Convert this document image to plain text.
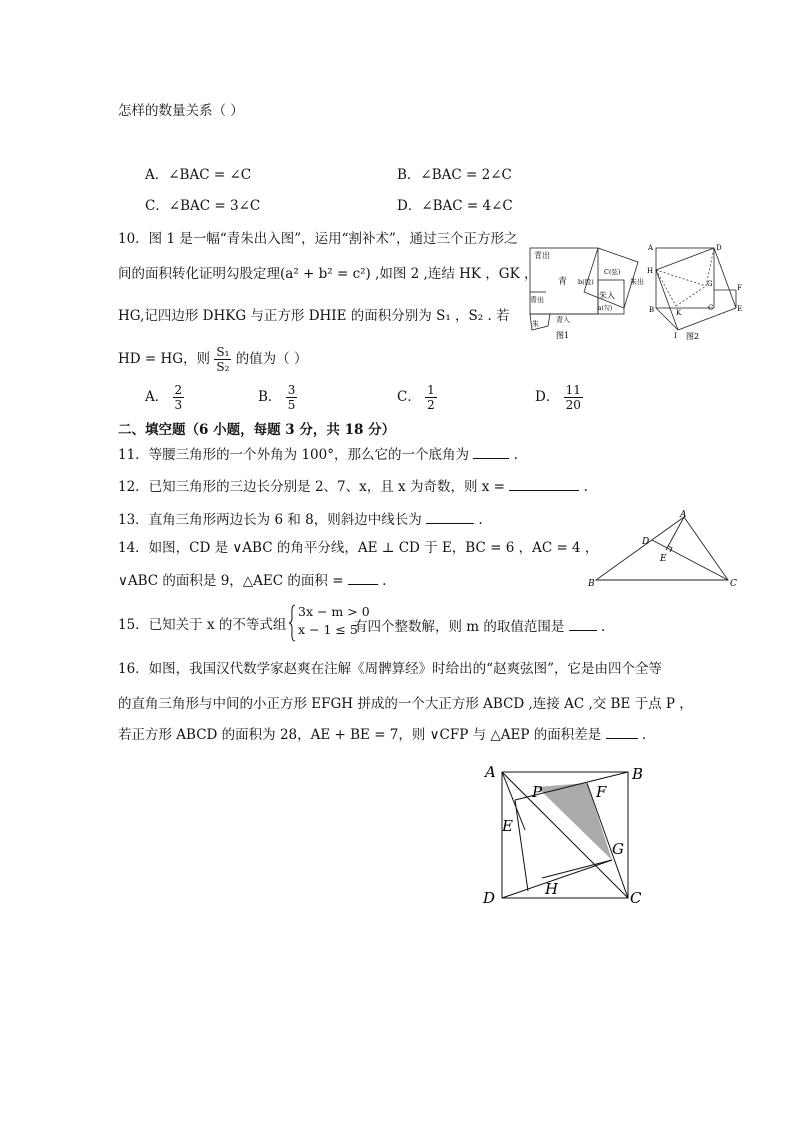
怎样的数量关系（ ）
A．∠BAC = ∠C	B．∠BAC = 2∠C
C．∠BAC = 3∠C	D．∠BAC = 4∠C
10．图 1 是一幅“青朱出入图”，运用“割补术”，通过三个正方形之
间的面积转化证明勾股定理(a² + b² = c²) ,如图 2 ,连结 HK ，GK ，
HG,记四边形 DHKG 与正方形 DHIE 的面积分别为 S₁ ，S₂ . 若
HD = HG，则 $\frac{\text{S₁}}{\text{S₂}}$ 的值为（ ）
A． $\frac{2}{3}$	B． $\frac{3}{5}$	C． $\frac{1}{2}$	D． $\frac{11}{20}$
青出
青
青出
青入
朱
朱入
朱出
b(股)
C(弦)
a(勾)
图1
A	D
H
G	F
B	K
C	E
I 图2
二、填空题（6 小题，每题 3 分，共 18 分）
11．等腰三角形的一个外角为 100°，那么它的一个底角为	.
12．已知三角形的三边长分别是 2、7、x，且 x 为奇数，则 x =	.
13．直角三角形两边长为 6 和 8，则斜边中线长为	.
14．如图，CD 是 ∨ABC 的角平分线，AE ⊥ CD 于 E，BC = 6 ，AC = 4 ，
∨ABC 的面积是 9，△AEC 的面积 =	.
A
B	C
D
E
15．已知关于 x 的不等式组
3x − m > 0
x − 1 ≤ 5
有四个整数解，则 m 的取值范围是	.
16．如图，我国汉代数学家赵爽在注解《周髀算经》时给出的“赵爽弦图”，它是由四个全等
的直角三角形与中间的小正方形 EFGH 拼成的一个大正方形 ABCD ,连接 AC ,交 BE 于点 P ，
若正方形 ABCD 的面积为 28，AE + BE = 7，则 ∨CFP 与 △AEP 的面积差是	.
A	B
C
D
E
F
G
H
P
